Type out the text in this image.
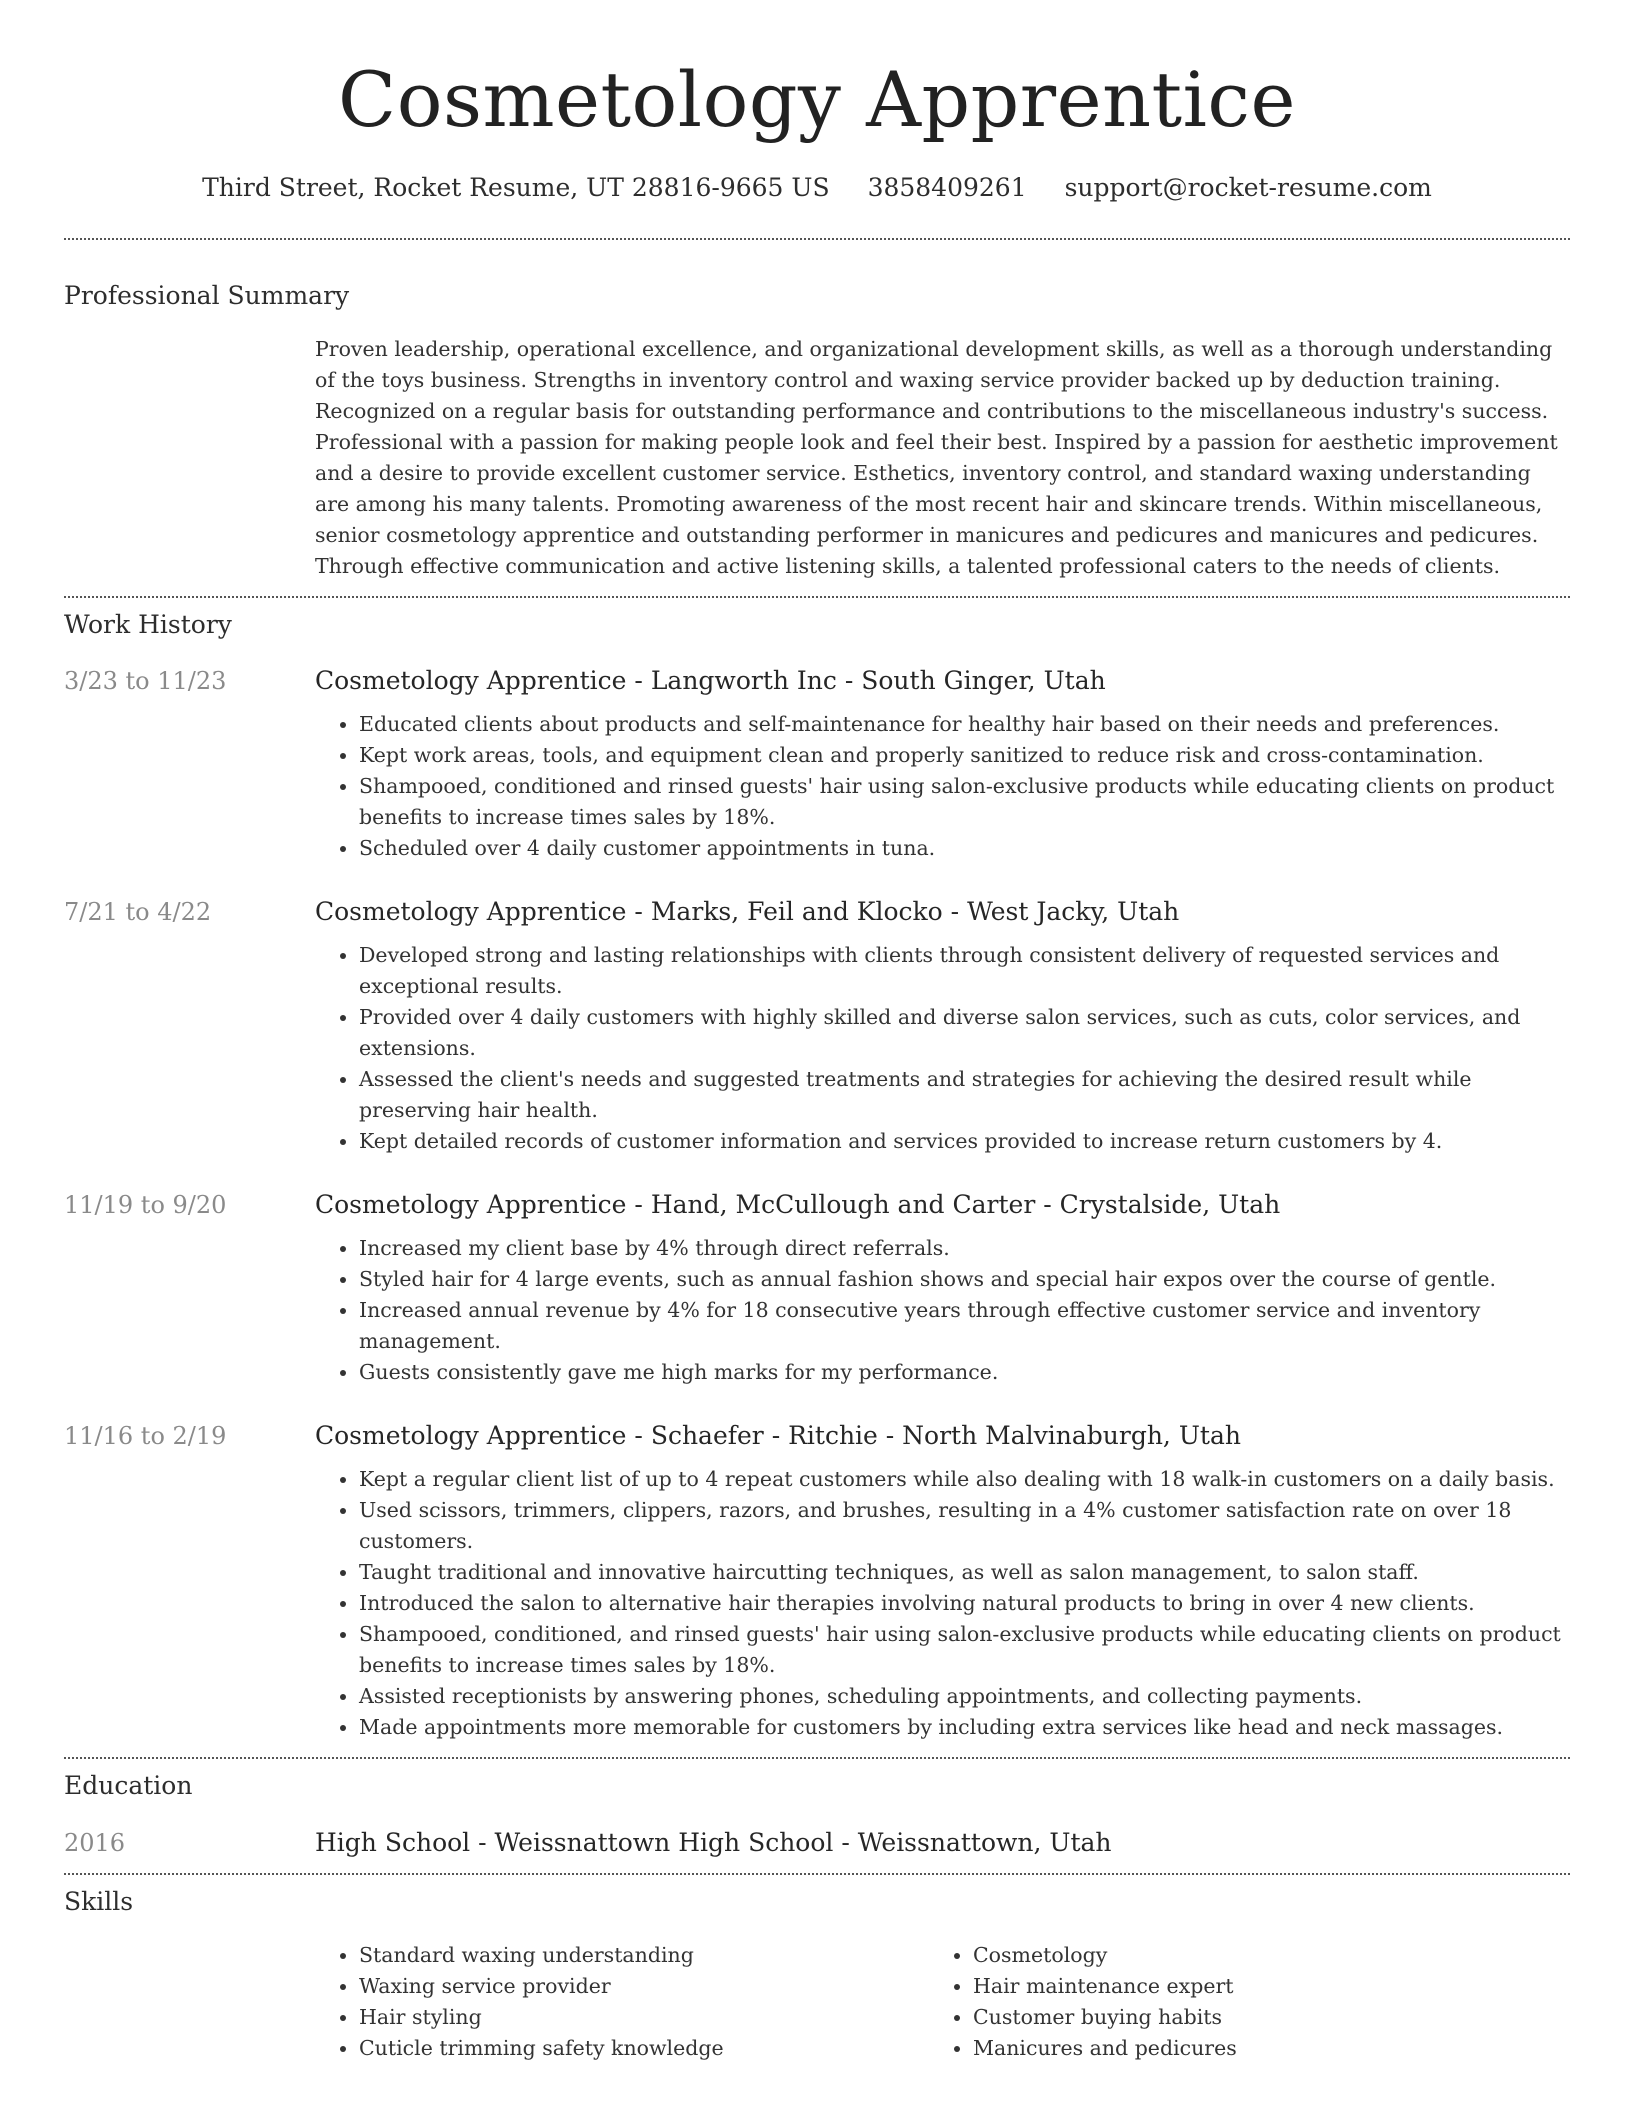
Cosmetology Apprentice
Third Street, Rocket Resume, UT 28816-9665 US 3858409261 support@rocket-resume.com
Professional Summary
Proven leadership, operational excellence, and organizational development skills, as well as a thorough understanding of the toys business. Strengths in inventory control and waxing service provider backed up by deduction training. Recognized on a regular basis for outstanding performance and contributions to the miscellaneous industry's success. Professional with a passion for making people look and feel their best. Inspired by a passion for aesthetic improvement and a desire to provide excellent customer service. Esthetics, inventory control, and standard waxing understanding are among his many talents. Promoting awareness of the most recent hair and skincare trends. Within miscellaneous, senior cosmetology apprentice and outstanding performer in manicures and pedicures and manicures and pedicures. Through effective communication and active listening skills, a talented professional caters to the needs of clients.
Work History
3/23 to 11/23	Cosmetology Apprentice - Langworth Inc - South Ginger, Utah
• Educated clients about products and self-maintenance for healthy hair based on their needs and preferences.
• Kept work areas, tools, and equipment clean and properly sanitized to reduce risk and cross-contamination.
• Shampooed, conditioned and rinsed guests' hair using salon-exclusive products while educating clients on product benefits to increase times sales by 18%.
• Scheduled over 4 daily customer appointments in tuna.
7/21 to 4/22	Cosmetology Apprentice - Marks, Feil and Klocko - West Jacky, Utah
• Developed strong and lasting relationships with clients through consistent delivery of requested services and exceptional results.
• Provided over 4 daily customers with highly skilled and diverse salon services, such as cuts, color services, and extensions.
• Assessed the client's needs and suggested treatments and strategies for achieving the desired result while preserving hair health.
• Kept detailed records of customer information and services provided to increase return customers by 4.
11/19 to 9/20	Cosmetology Apprentice - Hand, McCullough and Carter - Crystalside, Utah
• Increased my client base by 4% through direct referrals.
• Styled hair for 4 large events, such as annual fashion shows and special hair expos over the course of gentle.
• Increased annual revenue by 4% for 18 consecutive years through effective customer service and inventory management.
• Guests consistently gave me high marks for my performance.
11/16 to 2/19	Cosmetology Apprentice - Schaefer - Ritchie - North Malvinaburgh, Utah
• Kept a regular client list of up to 4 repeat customers while also dealing with 18 walk-in customers on a daily basis.
• Used scissors, trimmers, clippers, razors, and brushes, resulting in a 4% customer satisfaction rate on over 18 customers.
• Taught traditional and innovative haircutting techniques, as well as salon management, to salon staff.
• Introduced the salon to alternative hair therapies involving natural products to bring in over 4 new clients.
• Shampooed, conditioned, and rinsed guests' hair using salon-exclusive products while educating clients on product benefits to increase times sales by 18%.
• Assisted receptionists by answering phones, scheduling appointments, and collecting payments.
• Made appointments more memorable for customers by including extra services like head and neck massages.
Education
2016	High School - Weissnattown High School - Weissnattown, Utah
Skills
• Standard waxing understanding
• Waxing service provider
• Hair styling
• Cuticle trimming safety knowledge
• Cosmetology
• Hair maintenance expert
• Customer buying habits
• Manicures and pedicures
